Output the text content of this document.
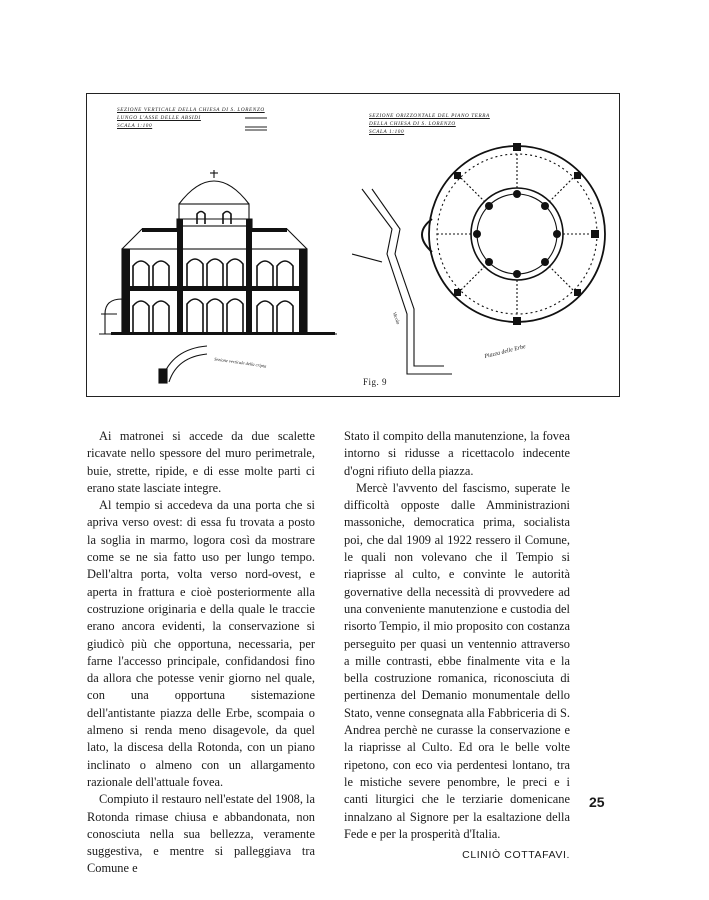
SEZIONE VERTICALE DELLA CHIESA DI S. LORENZO
LUNGO L'ASSE DELLE ABSIDI
SCALA 1:100
SEZIONE ORIZZONTALE DEL PIANO TERRA
DELLA CHIESA DI S. LORENZO
SCALA 1:100
Sezione verticale della cripta
Piazza delle Erbe
Vicolo
Fig. 9

Ai matronei si accede da due scalette ricavate nello spessore del muro perimetrale, buie, strette, ripide, e di esse molte parti ci erano state lasciate integre.

Al tempio si accedeva da una porta che si apriva verso ovest: di essa fu trovata a posto la soglia in marmo, logora così da mostrare come se ne sia fatto uso per lungo tempo. Dell'altra porta, volta verso nord-ovest, e aperta in frattura e cioè posteriormente alla costruzione originaria e della quale le traccie erano ancora evidenti, la conservazione si giudicò più che opportuna, necessaria, per farne l'accesso principale, confidandosi fino da allora che potesse venir giorno nel quale, con una opportuna sistemazione dell'antistante piazza delle Erbe, scompaia o almeno si renda meno disagevole, da quel lato, la discesa della Rotonda, con un piano inclinato o almeno con un allargamento razionale dell'attuale fovea.

Compiuto il restauro nell'estate del 1908, la Rotonda rimase chiusa e abbandonata, non conosciuta nella sua bellezza, veramente suggestiva, e mentre si palleggiava tra Comune e

Stato il compito della manutenzione, la fovea intorno si ridusse a ricettacolo indecente d'ogni rifiuto della piazza.

Mercè l'avvento del fascismo, superate le difficoltà opposte dalle Amministrazioni massoniche, democratica prima, socialista poi, che dal 1909 al 1922 ressero il Comune, le quali non volevano che il Tempio si riaprisse al culto, e convinte le autorità governative della necessità di provvedere ad una conveniente manutenzione e custodia del risorto Tempio, il mio proposito con costanza perseguito per quasi un ventennio attraverso a mille contrasti, ebbe finalmente vita e la bella costruzione romanica, riconosciuta di pertinenza del Demanio monumentale dello Stato, venne consegnata alla Fabbriceria di S. Andrea perchè ne curasse la conservazione e la riaprisse al Culto. Ed ora le belle volte ripetono, con eco via perdentesi lontano, tra le mistiche severe penombre, le preci e i canti liturgici che le terziarie domenicane innalzano al Signore per la esaltazione della Fede e per la prosperità d'Italia.

CLINIÒ COTTAFAVI.
25
